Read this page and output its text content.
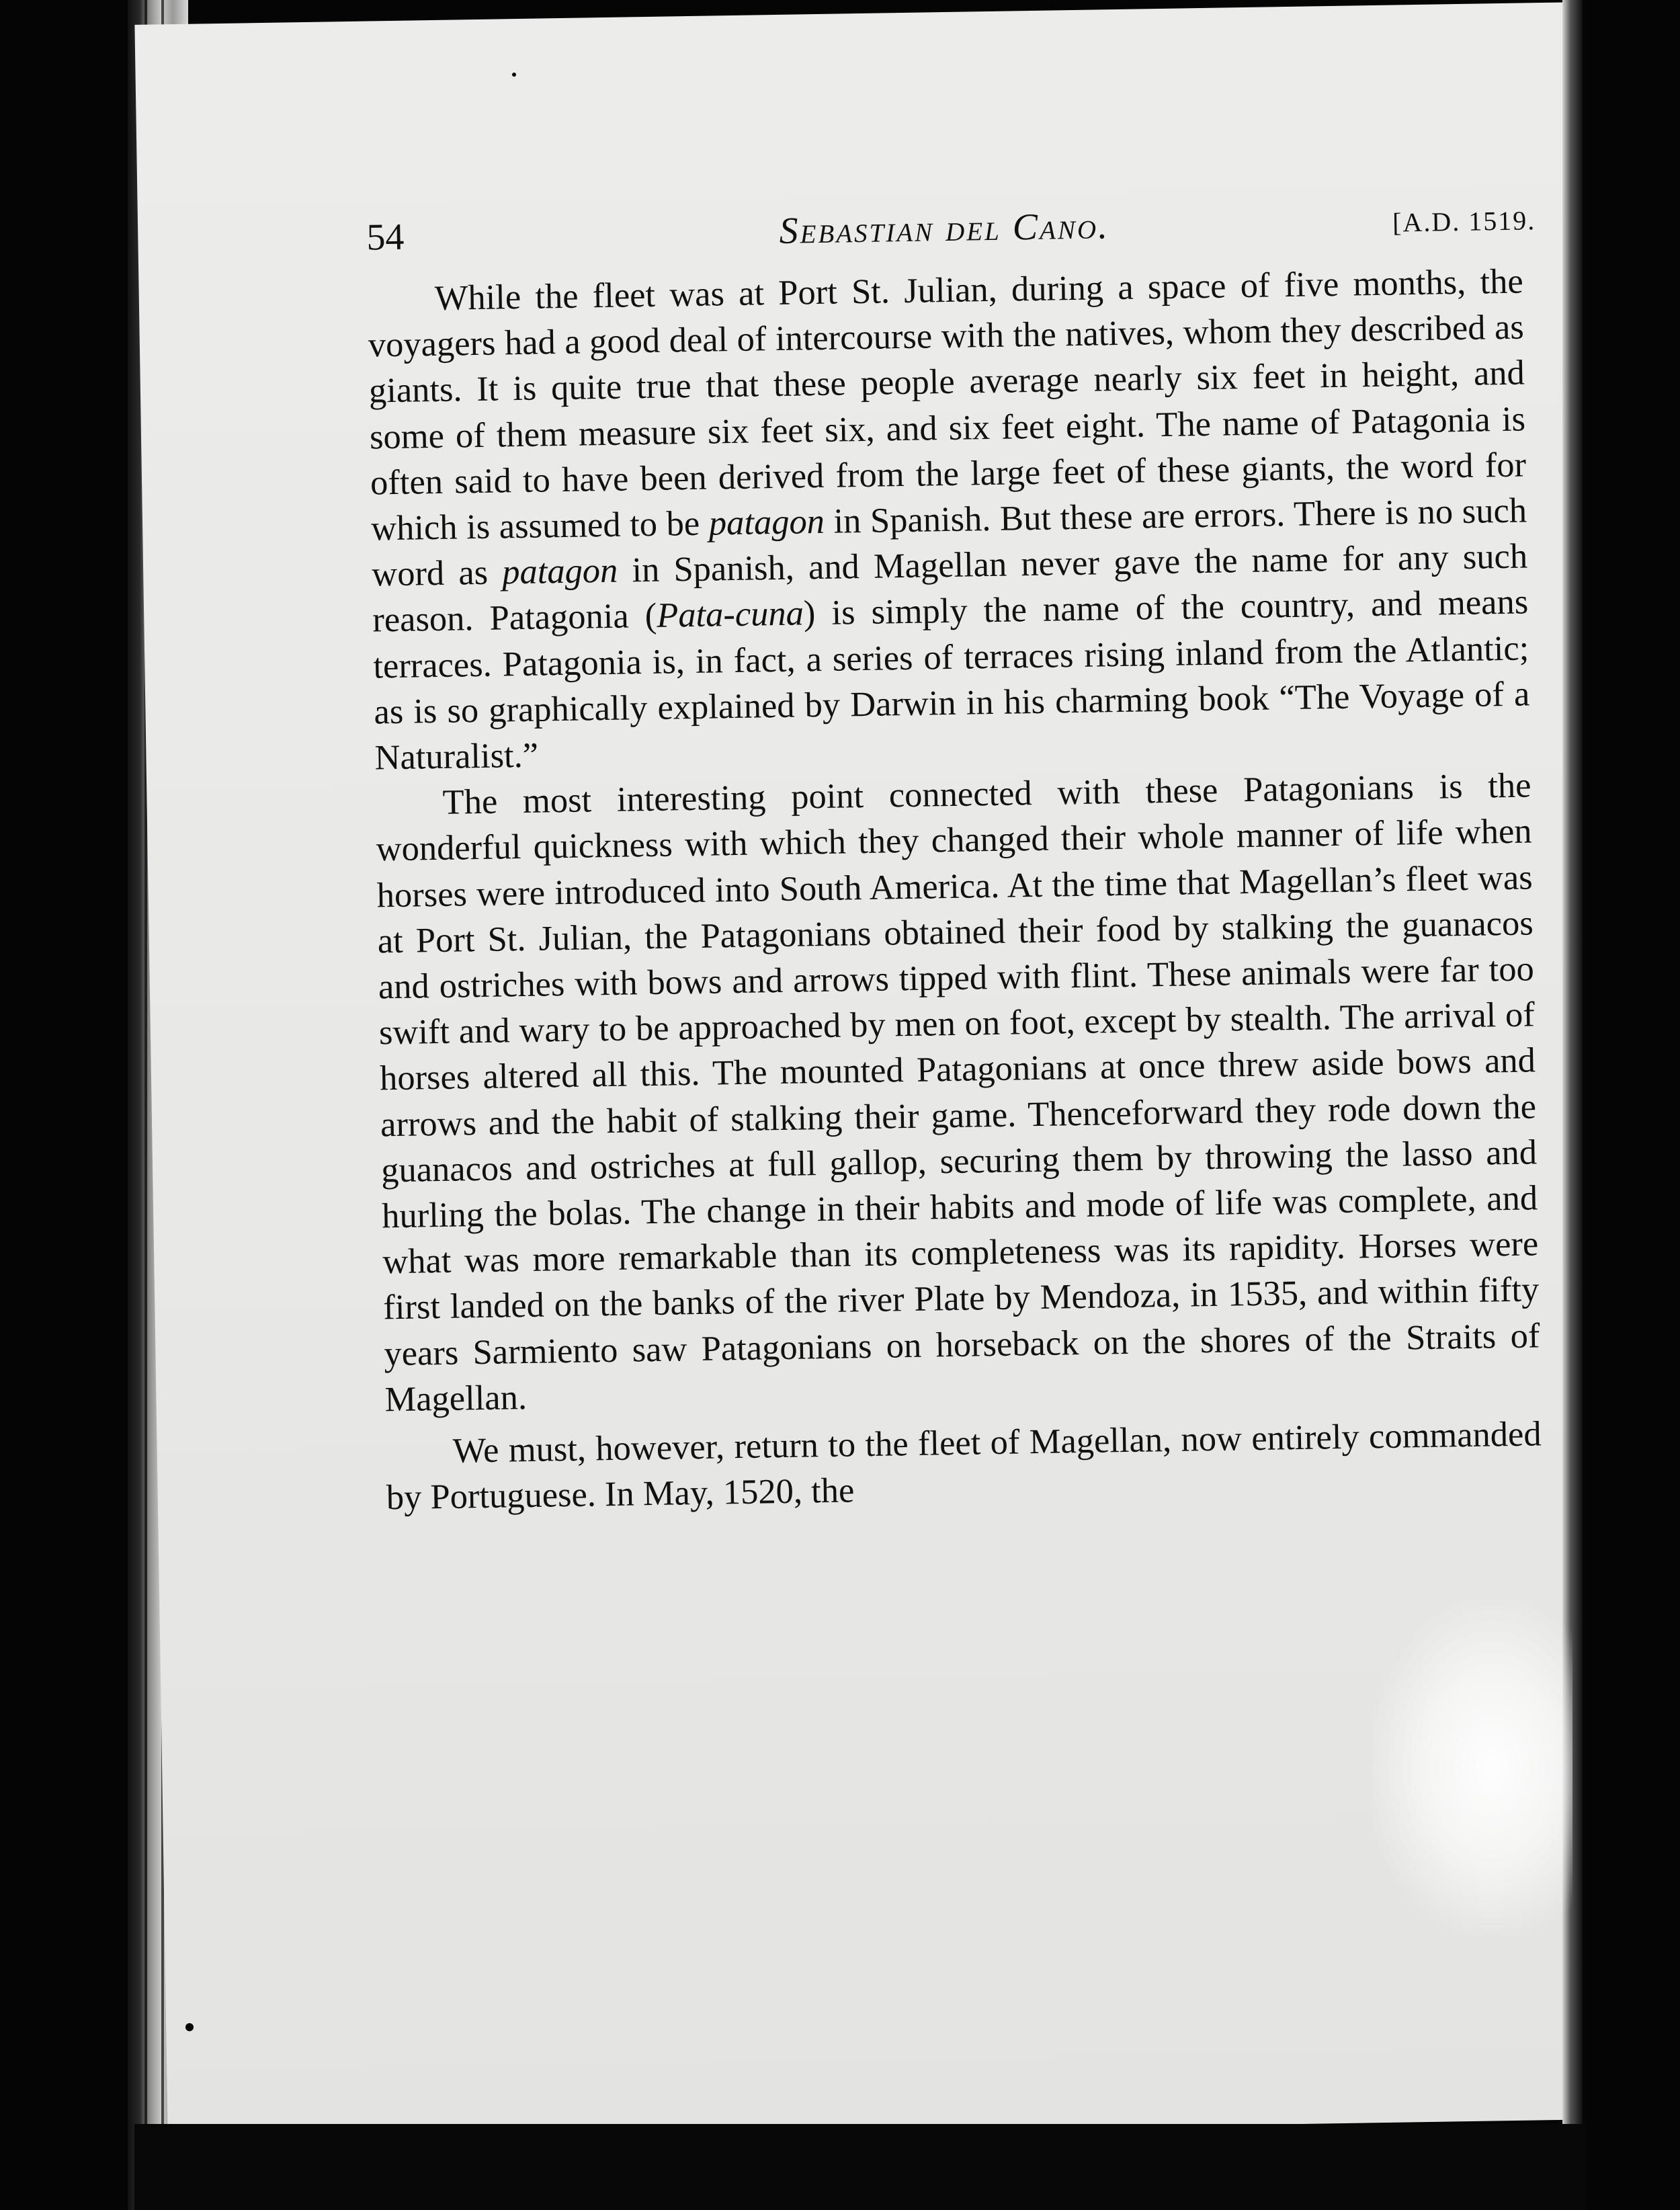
54	Sebastian del Cano.	[A.D. 1519.

While the fleet was at Port St. Julian, during a space of five months, the voyagers had a good deal of intercourse with the natives, whom they described as giants. It is quite true that these people average nearly six feet in height, and some of them measure six feet six, and six feet eight. The name of Patagonia is often said to have been derived from the large feet of these giants, the word for which is assumed to be patagon in Spanish. But these are errors. There is no such word as patagon in Spanish, and Magellan never gave the name for any such reason. Patagonia (Pata-cuna) is simply the name of the country, and means terraces. Patagonia is, in fact, a series of terraces rising inland from the Atlantic; as is so graphically explained by Darwin in his charming book “The Voyage of a Naturalist.”

The most interesting point connected with these Patagonians is the wonderful quickness with which they changed their whole manner of life when horses were introduced into South America. At the time that Magellan’s fleet was at Port St. Julian, the Patagonians obtained their food by stalking the guanacos and ostriches with bows and arrows tipped with flint. These animals were far too swift and wary to be approached by men on foot, except by stealth. The arrival of horses altered all this. The mounted Patagonians at once threw aside bows and arrows and the habit of stalking their game. Thenceforward they rode down the guanacos and ostriches at full gallop, securing them by throwing the lasso and hurling the bolas. The change in their habits and mode of life was complete, and what was more remarkable than its completeness was its rapidity. Horses were first landed on the banks of the river Plate by Mendoza, in 1535, and within fifty years Sarmiento saw Patagonians on horseback on the shores of the Straits of Magellan.

We must, however, return to the fleet of Magellan, now entirely commanded by Portuguese. In May, 1520, the
